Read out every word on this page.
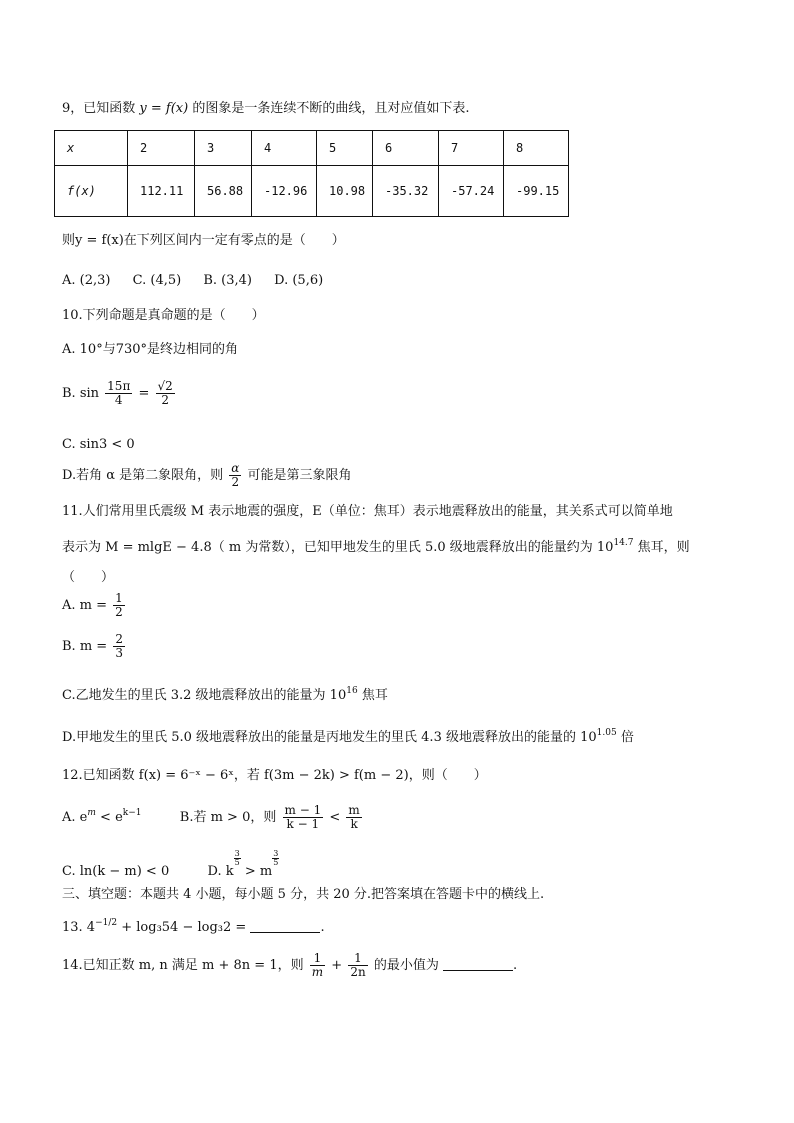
9，已知函数 y = f(x) 的图象是一条连续不断的曲线，且对应值如下表.
x	2	3	4	5	6	7	8
f(x)	112.11	56.88	-12.96	10.98	-35.32	-57.24	-99.15
则y = f(x)在下列区间内一定有零点的是（　　）
A. (2,3) C. (4,5) B. (3,4) D. (5,6)
10.下列命题是真命题的是（　　）
A. 10°与730°是终边相同的角
B. $\sin \frac{15\pi}{4} = \frac{√2}{2}$
C. sin3 < 0
D.若角 α 是第二象限角，则 $\frac{\alpha}{2}$ 可能是第三象限角
11.人们常用里氏震级 M 表示地震的强度，E（单位：焦耳）表示地震释放出的能量，其关系式可以简单地
表示为 M = mlgE − 4.8（ m 为常数），已知甲地发生的里氏 5.0 级地震释放出的能量约为 $10^{14.7}$ 焦耳，则
（　　）
A. $m = \frac{1}{2}$
B. $m = \frac{2}{3}$
C.乙地发生的里氏 3.2 级地震释放出的能量为 $10^{16}$ 焦耳
D.甲地发生的里氏 5.0 级地震释放出的能量是丙地发生的里氏 4.3 级地震释放出的能量的 $10^{1.05}$ 倍
12.已知函数 f(x) = 6⁻ˣ − 6ˣ，若 f(3m − 2k) > f(m − 2)，则（　　）
A. $e^m < e^{k-1}$	B.若 m > 0，则 $\frac{m - 1}{k - 1} < \frac{m}{k}$
C. ln(k − m) < 0	D. k
$\frac{3}{5}$
> m
$\frac{3}{5}$
三、填空题：本题共 4 小题，每小题 5 分，共 20 分.把答案填在答题卡中的横线上.
13. $4^{-1/2} + \log_354 - \log_32$ =	.
14.已知正数 m, n 满足 m + 8n = 1，则 $\frac{1}{m} + \frac{1}{2n}$ 的最小值为	.
